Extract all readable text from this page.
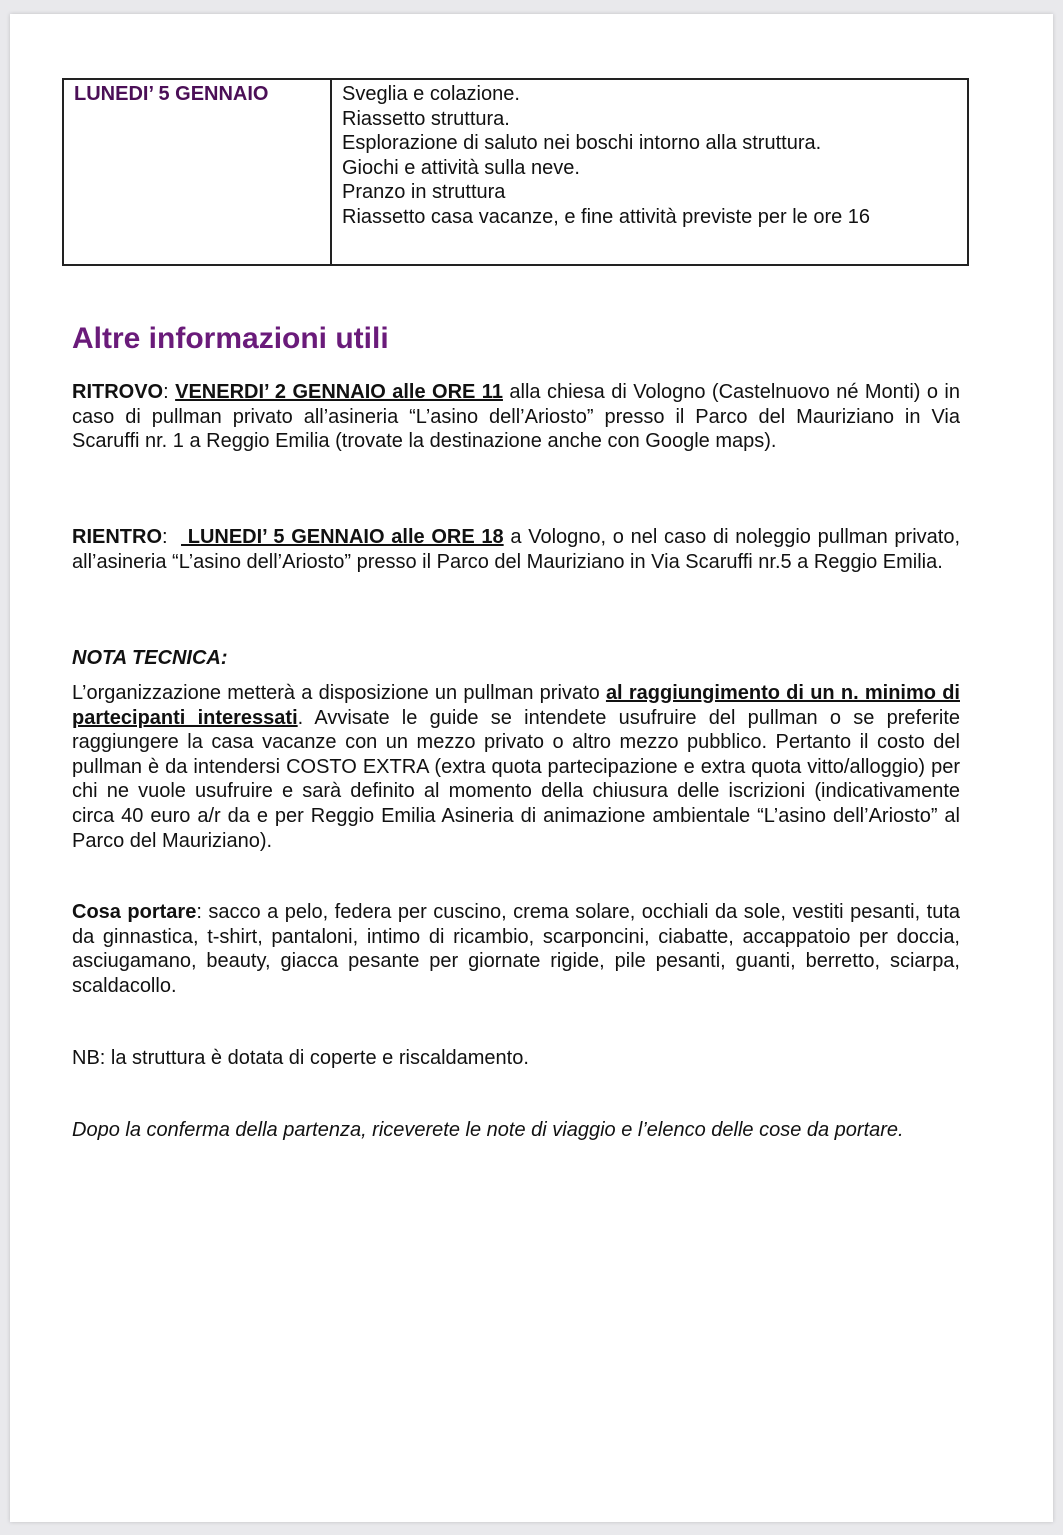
LUNEDI’ 5 GENNAIO	Sveglia e colazione.
Riassetto struttura.
Esplorazione di saluto nei boschi intorno alla struttura.
Giochi e attività sulla neve.
Pranzo in struttura
Riassetto casa vacanze, e fine attività previste per le ore 16
Altre informazioni utili
RITROVO: VENERDI’ 2 GENNAIO alle ORE 11 alla chiesa di Volognо (Castelnuovo né Monti) o in caso di pullman privato all’asineria “L’asino dell’Ariosto” presso il Parco del Mauriziano in Via Scaruffi nr. 1 a Reggio Emilia (trovate la destinazione anche con Google maps).
RIENTRO:   LUNEDI’ 5 GENNAIO alle ORE 18 a Vologno, o nel caso di noleggio pullman privato, all’asineria “L’asino dell’Ariosto” presso il Parco del Mauriziano in Via Scaruffi nr.5 a Reggio Emilia.
NOTA TECNICA:
L’organizzazione metterà a disposizione un pullman privato al raggiungimento di un n. minimo di partecipanti interessati. Avvisate le guide se intendete usufruire del pullman o se preferite raggiungere la casa vacanze con un mezzo privato o altro mezzo pubblico. Pertanto il costo del pullman è da intendersi COSTO EXTRA (extra quota partecipazione e extra quota vitto/alloggio) per chi ne vuole usufruire e sarà definito al momento della chiusura delle iscrizioni (indicativamente circa 40 euro a/r da e per Reggio Emilia Asineria di animazione ambientale “L’asino dell’Ariosto” al Parco del Mauriziano).
Cosa portare: sacco a pelo, federa per cuscino, crema solare, occhiali da sole, vestiti pesanti, tuta da ginnastica, t-shirt, pantaloni, intimo di ricambio, scarponcini, ciabatte, accappatoio per doccia, asciugamano, beauty, giacca pesante per giornate rigide, pile pesanti, guanti, berretto, sciarpa, scaldacollo.
NB: la struttura è dotata di coperte e riscaldamento.
Dopo la conferma della partenza, riceverete le note di viaggio e l’elenco delle cose da portare.
